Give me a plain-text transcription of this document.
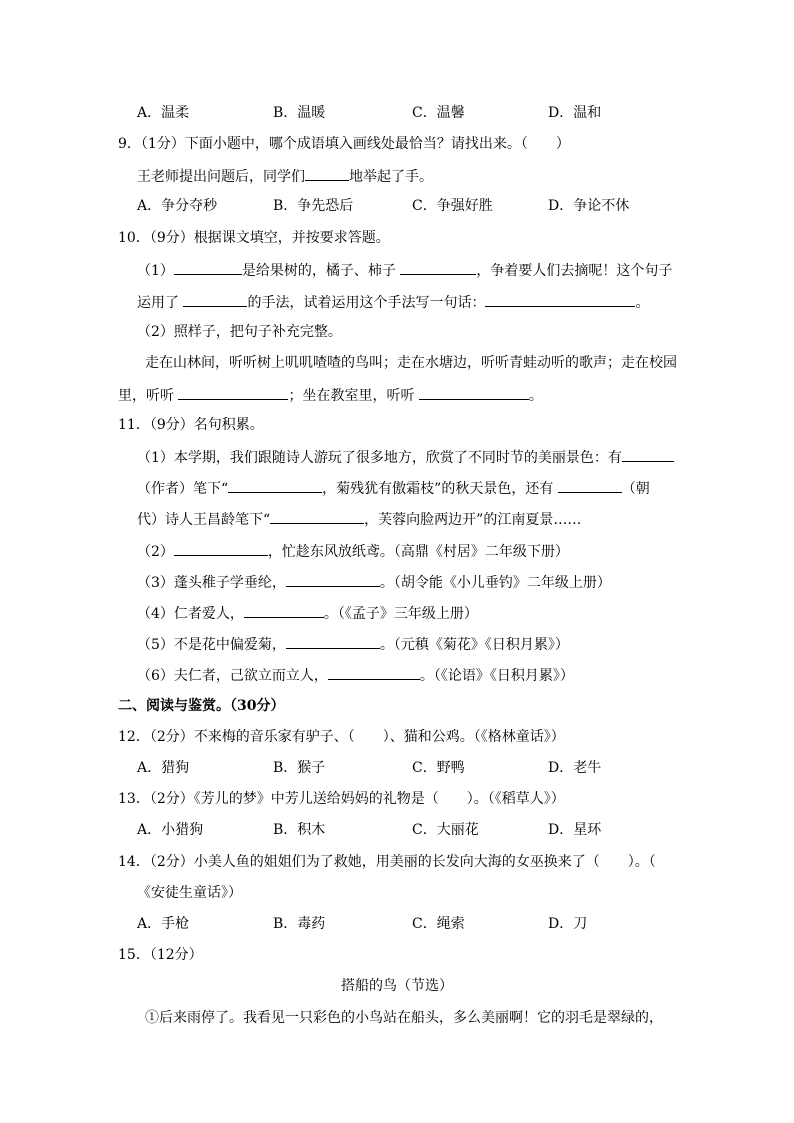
A．温柔	B．温暖	C．温馨	D．温和
9．（1分）下面小题中，哪个成语填入画线处最恰当？请找出来。（　　）
王老师提出问题后，同学们	地举起了手。
A．争分夺秒	B．争先恐后	C．争强好胜	D．争论不休
10．（9分）根据课文填空，并按要求答题。
（1）	是给果树的，橘子、柿子	，争着要人们去摘呢！这个句子
运用了	的手法，试着运用这个手法写一句话：	。
（2）照样子，把句子补充完整。
走在山林间，听听树上叽叽喳喳的鸟叫；走在水塘边，听听青蛙动听的歌声；走在校园
里，听听	；坐在教室里，听听	。
11．（9分）名句积累。
（1）本学期，我们跟随诗人游玩了很多地方，欣赏了不同时节的美丽景色：有
（作者）笔下“	，菊残犹有傲霜枝”的秋天景色，还有	（朝
代）诗人王昌龄笔下“	，芙蓉向脸两边开”的江南夏景……
（2）	，忙趁东风放纸鸢。（高鼎《村居》二年级下册）
（3）蓬头稚子学垂纶，	。（胡令能《小儿垂钓》二年级上册）
（4）仁者爱人，	。（《孟子》三年级上册）
（5）不是花中偏爱菊，	。（元稹《菊花》《日积月累》）
（6）夫仁者，己欲立而立人，	。（《论语》《日积月累》）
二、阅读与鉴赏。（30分）
12．（2分）不来梅的音乐家有驴子、（　　）、猫和公鸡。（《格林童话》）
A．猎狗	B．猴子	C．野鸭	D．老牛
13．（2分）《芳儿的梦》中芳儿送给妈妈的礼物是（　　）。（《稻草人》）
A．小猎狗	B．积木	C．大丽花	D．星环
14．（2分）小美人鱼的姐姐们为了救她，用美丽的长发向大海的女巫换来了（　　）。（
《安徒生童话》）
A．手枪	B．毒药	C．绳索	D．刀
15．（12分）
搭船的鸟（节选）
①后来雨停了。我看见一只彩色的小鸟站在船头，多么美丽啊！它的羽毛是翠绿的，
